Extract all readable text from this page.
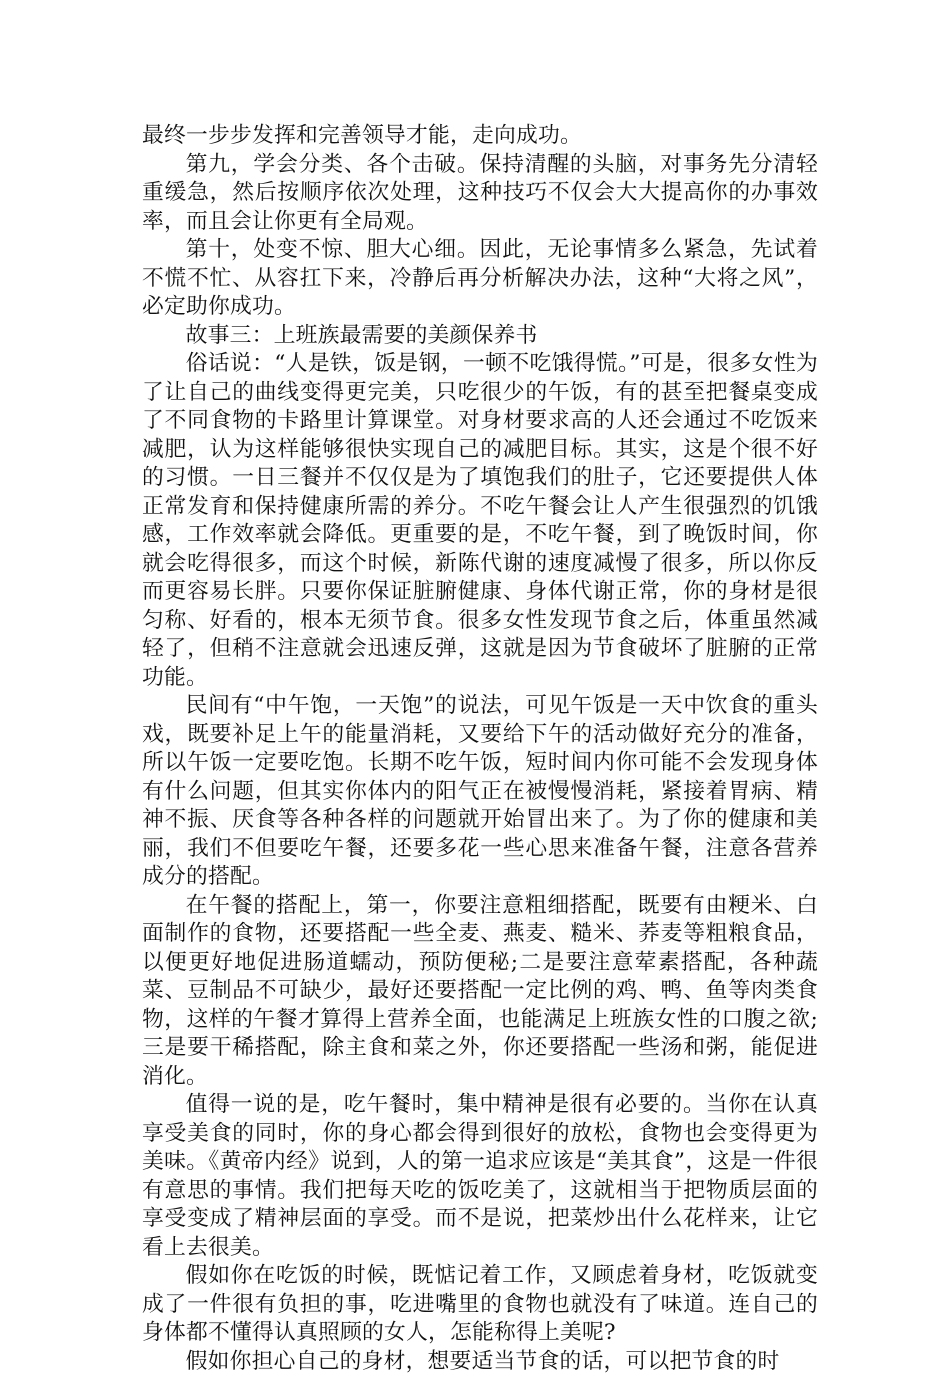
最终一步步发挥和完善领导才能，走向成功。

第九，学会分类、各个击破。保持清醒的头脑，对事务先分清轻重缓急，然后按顺序依次处理，这种技巧不仅会大大提高你的办事效率，而且会让你更有全局观。

第十，处变不惊、胆大心细。因此，无论事情多么紧急，先试着不慌不忙、从容扛下来，冷静后再分析解决办法，这种“大将之风”，必定助你成功。

故事三：上班族最需要的美颜保养书

俗话说：“人是铁，饭是钢，一顿不吃饿得慌。”可是，很多女性为了让自己的曲线变得更完美，只吃很少的午饭，有的甚至把餐桌变成了不同食物的卡路里计算课堂。对身材要求高的人还会通过不吃饭来减肥，认为这样能够很快实现自己的减肥目标。其实，这是个很不好的习惯。一日三餐并不仅仅是为了填饱我们的肚子，它还要提供人体正常发育和保持健康所需的养分。不吃午餐会让人产生很强烈的饥饿感，工作效率就会降低。更重要的是，不吃午餐，到了晚饭时间，你就会吃得很多，而这个时候，新陈代谢的速度减慢了很多，所以你反而更容易长胖。只要你保证脏腑健康、身体代谢正常，你的身材是很匀称、好看的，根本无须节食。很多女性发现节食之后，体重虽然减轻了，但稍不注意就会迅速反弹，这就是因为节食破坏了脏腑的正常功能。

民间有“中午饱，一天饱”的说法，可见午饭是一天中饮食的重头戏，既要补足上午的能量消耗，又要给下午的活动做好充分的准备，所以午饭一定要吃饱。长期不吃午饭，短时间内你可能不会发现身体有什么问题，但其实你体内的阳气正在被慢慢消耗，紧接着胃病、精神不振、厌食等各种各样的问题就开始冒出来了。为了你的健康和美丽，我们不但要吃午餐，还要多花一些心思来准备午餐，注意各营养成分的搭配。

在午餐的搭配上，第一，你要注意粗细搭配，既要有由粳米、白面制作的食物，还要搭配一些全麦、燕麦、糙米、荞麦等粗粮食品，以便更好地促进肠道蠕动，预防便秘;二是要注意荤素搭配，各种蔬菜、豆制品不可缺少，最好还要搭配一定比例的鸡、鸭、鱼等肉类食物，这样的午餐才算得上营养全面，也能满足上班族女性的口腹之欲;三是要干稀搭配，除主食和菜之外，你还要搭配一些汤和粥，能促进消化。

值得一说的是，吃午餐时，集中精神是很有必要的。当你在认真享受美食的同时，你的身心都会得到很好的放松，食物也会变得更为美味。《黄帝内经》说到，人的第一追求应该是“美其食”，这是一件很有意思的事情。我们把每天吃的饭吃美了，这就相当于把物质层面的享受变成了精神层面的享受。而不是说，把菜炒出什么花样来，让它看上去很美。

假如你在吃饭的时候，既惦记着工作，又顾虑着身材，吃饭就变成了一件很有负担的事，吃进嘴里的食物也就没有了味道。连自己的身体都不懂得认真照顾的女人，怎能称得上美呢?

假如你担心自己的身材，想要适当节食的话，可以把节食的时
